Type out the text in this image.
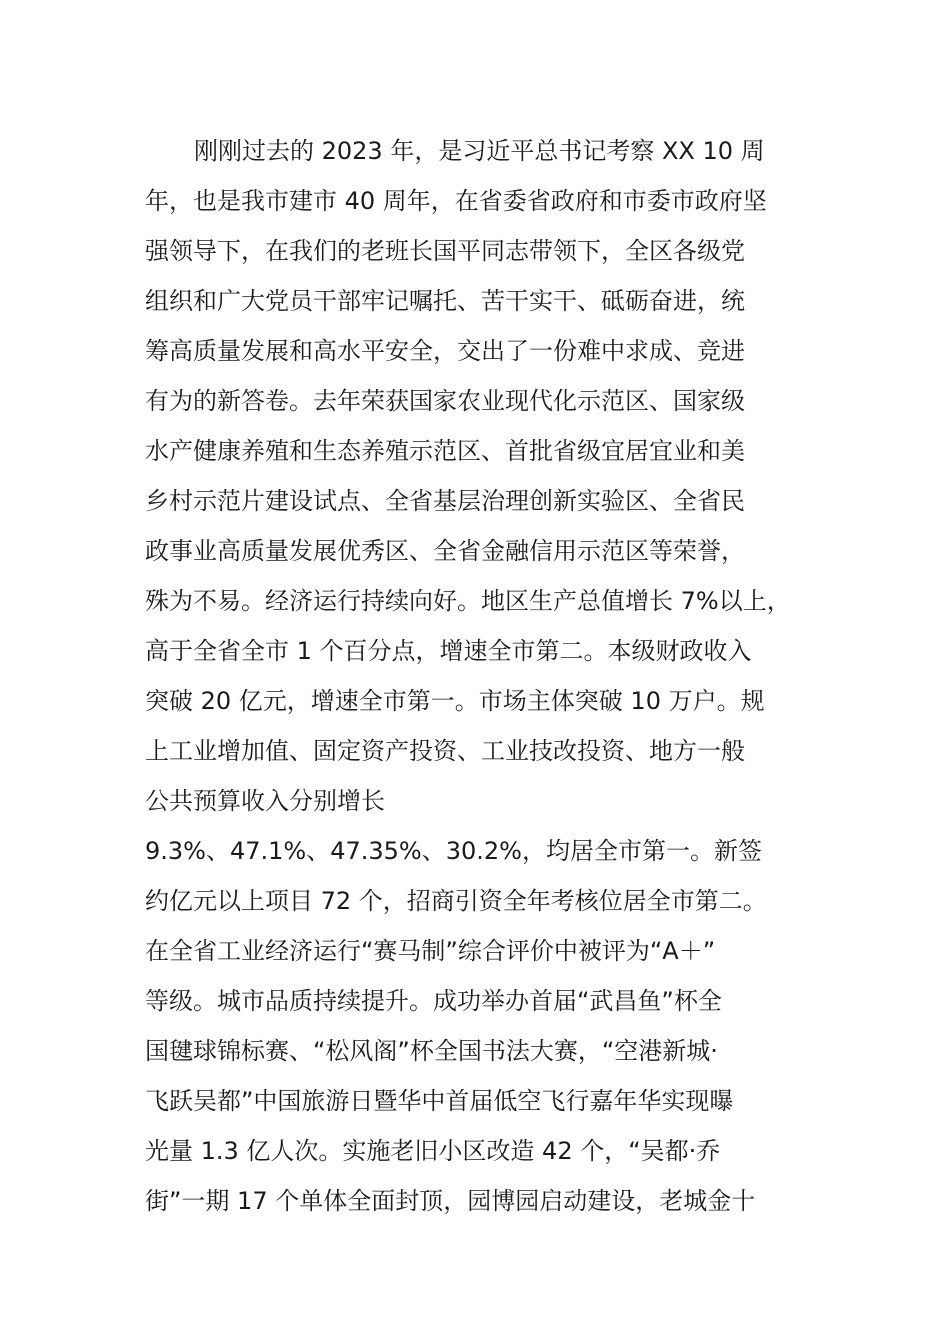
刚刚过去的 2023 年，是习近平总书记考察 XX 10 周
年，也是我市建市 40 周年，在省委省政府和市委市政府坚
强领导下，在我们的老班长国平同志带领下，全区各级党
组织和广大党员干部牢记嘱托、苦干实干、砥砺奋进，统
筹高质量发展和高水平安全，交出了一份难中求成、竞进
有为的新答卷。去年荣获国家农业现代化示范区、国家级
水产健康养殖和生态养殖示范区、首批省级宜居宜业和美
乡村示范片建设试点、全省基层治理创新实验区、全省民
政事业高质量发展优秀区、全省金融信用示范区等荣誉，
殊为不易。经济运行持续向好。地区生产总值增长 7%以上，
高于全省全市 1 个百分点，增速全市第二。本级财政收入
突破 20 亿元，增速全市第一。市场主体突破 10 万户。规
上工业增加值、固定资产投资、工业技改投资、地方一般
公共预算收入分别增长
9.3%、47.1%、47.35%、30.2%，均居全市第一。新签
约亿元以上项目 72 个，招商引资全年考核位居全市第二。
在全省工业经济运行“赛马制”综合评价中被评为“A＋”
等级。城市品质持续提升。成功举办首届“武昌鱼”杯全
国毽球锦标赛、“松风阁”杯全国书法大赛，“空港新城·
飞跃吴都”中国旅游日暨华中首届低空飞行嘉年华实现曝
光量 1.3 亿人次。实施老旧小区改造 42 个，“吴都·乔
街”一期 17 个单体全面封顶，园博园启动建设，老城金十
